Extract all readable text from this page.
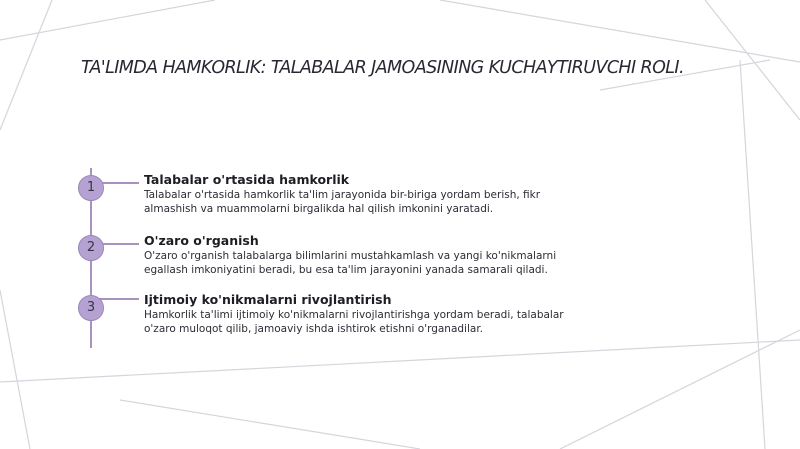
TA'LIMDA HAMKORLIK: TALABALAR JAMOASINING KUCHAYTIRUVCHI ROLI.
1

Talabalar o'rtasida hamkorlik

Talabalar o'rtasida hamkorlik ta'lim jarayonida bir-biriga yordam berish, fikr almashish va muammolarni birgalikda hal qilish imkonini yaratadi.

2	O'zaro o'rganish

O'zaro o'rganish talabalarga bilimlarini mustahkamlash va yangi ko'nikmalarni egallash imkoniyatini beradi, bu esa ta'lim jarayonini yanada samarali qiladi.

3

Ijtimoiy ko'nikmalarni rivojlantirish

Hamkorlik ta'limi ijtimoiy ko'nikmalarni rivojlantirishga yordam beradi, talabalar o'zaro muloqot qilib, jamoaviy ishda ishtirok etishni o'rganadilar.
